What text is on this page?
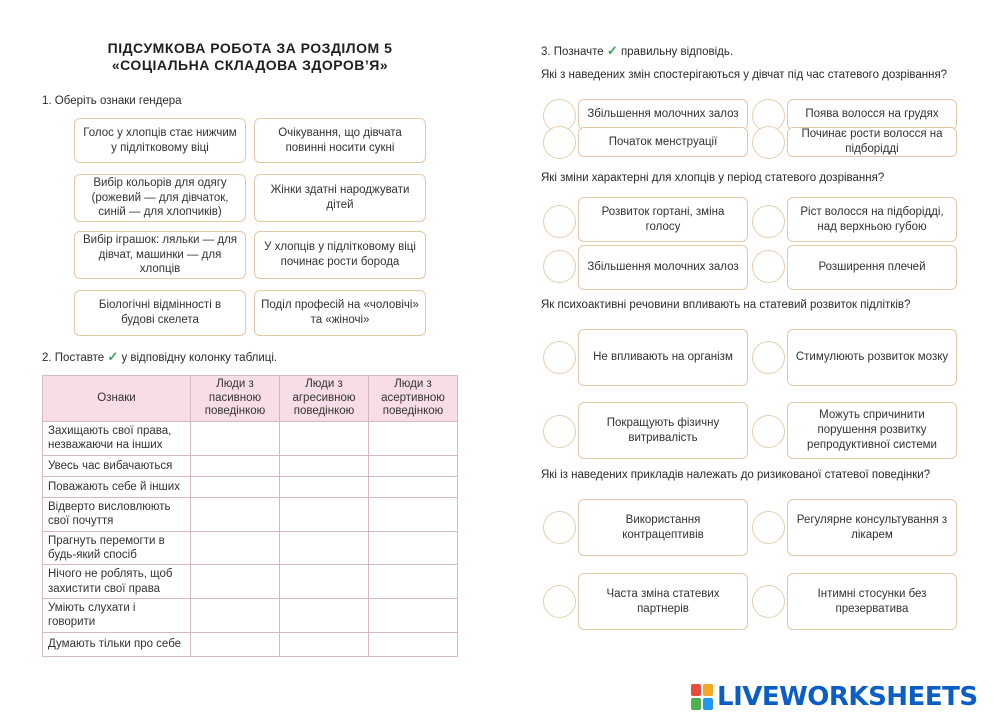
ПІДСУМКОВА РОБОТА ЗА РОЗДІЛОМ 5
«СОЦІАЛЬНА СКЛАДОВА ЗДОРОВ’Я»
1. Оберіть ознаки гендера
Голос у хлопців стає нижчим у підлітковому віці
Очікування, що дівчата повинні носити сукні
Вибір кольорів для одягу (рожевий — для дівчаток, синій — для хлопчиків)
Жінки здатні народжувати дітей
Вибір іграшок: ляльки — для дівчат, машинки — для хлопців
У хлопців у підлітковому віці починає рости борода
Біологічні відмінності в будові скелета
Поділ професій на «чоловічі» та «жіночі»
2. Поставте ✓ у відповідну колонку таблиці.
Ознаки	Люди з пасивною поведінкою	Люди з агресивною поведінкою	Люди з асертивною поведінкою
Захищають свої права, незважаючи на інших			
Увесь час вибачаються			
Поважають себе й інших			
Відверто висловлюють свої почуття			
Прагнуть перемогти в будь-який спосіб			
Нічого не роблять, щоб захистити свої права			
Уміють слухати і говорити			
Думають тільки про себе			
3. Позначте ✓ правильну відповідь.
Які з наведених змін спостерігаються у дівчат під час статевого дозрівання?
Збільшення молочних залоз	Поява волосся на грудях
Початок менструації
Починає рости волосся на підборідді
Які зміни характерні для хлопців у період статевого дозрівання?
Розвиток гортані, зміна голосу
Ріст волосся на підборідді, над верхньою губою
Збільшення молочних залоз	Розширення плечей
Як психоактивні речовини впливають на статевий розвиток підлітків?
Не впливають на організм	Стимулюють розвиток мозку
Покращують фізичну витривалість
Можуть спричинити порушення розвитку репродуктивної системи
Які із наведених прикладів належать до ризикованої статевої поведінки?
Використання контрацептивів
Регулярне консультування з лікарем
Часта зміна статевих партнерів
Інтимні стосунки без презерватива
LIVEWORKSHEETS
